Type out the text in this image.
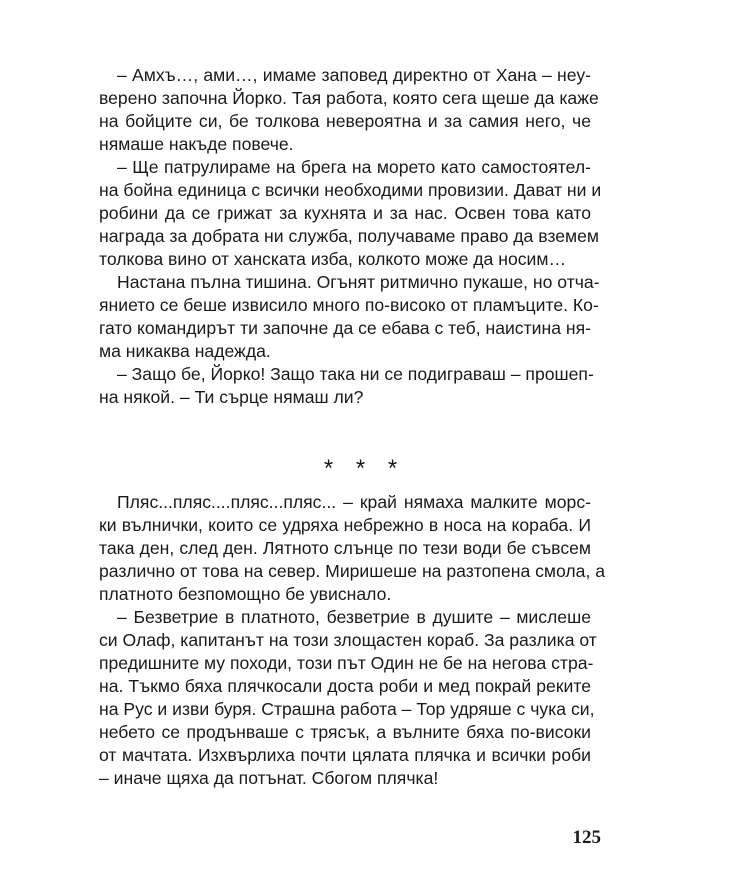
– Амхъ…, ами…, имаме заповед директно от Хана – неу-
верено започна Йорко. Тая работа, която сега щеше да каже
на бойците си, бе толкова невероятна и за самия него, че
нямаше накъде повече.
– Ще патрулираме на брега на морето като самостоятел-
на бойна единица с всички необходими провизии. Дават ни и
робини да се грижат за кухнята и за нас. Освен това като
награда за добрата ни служба, получаваме право да вземем
толкова вино от ханската изба, колкото може да носим…
Настана пълна тишина. Огънят ритмично пукаше, но отча-
янието се беше извисило много по-високо от пламъците. Ко-
гато командирът ти започне да се ебава с теб, наистина ня-
ма никаква надежда.
– Защо бе, Йорко! Защо така ни се подиграваш – прошеп-
на някой. – Ти сърце нямаш ли?
* * *
Пляс...пляс....пляс...пляс... – край нямаха малките морс-
ки вълнички, които се удряха небрежно в носа на кораба. И
така ден, след ден. Лятното слънце по тези води бе съвсем
различно от това на север. Миришеше на разтопена смола, а
платното безпомощно бе увиснало.
– Безветрие в платното, безветрие в душите – мислеше
си Олаф, капитанът на този злощастен кораб. За разлика от
предишните му походи, този път Один не бе на негова стра-
на. Тъкмо бяха плячкосали доста роби и мед покрай реките
на Рус и изви буря. Страшна работа – Тор удряше с чука си,
небето се продънваше с трясък, а вълните бяха по-високи
от мачтата. Изхвърлиха почти цялата плячка и всички роби
– иначе щяха да потънат. Сбогом плячка!
125
